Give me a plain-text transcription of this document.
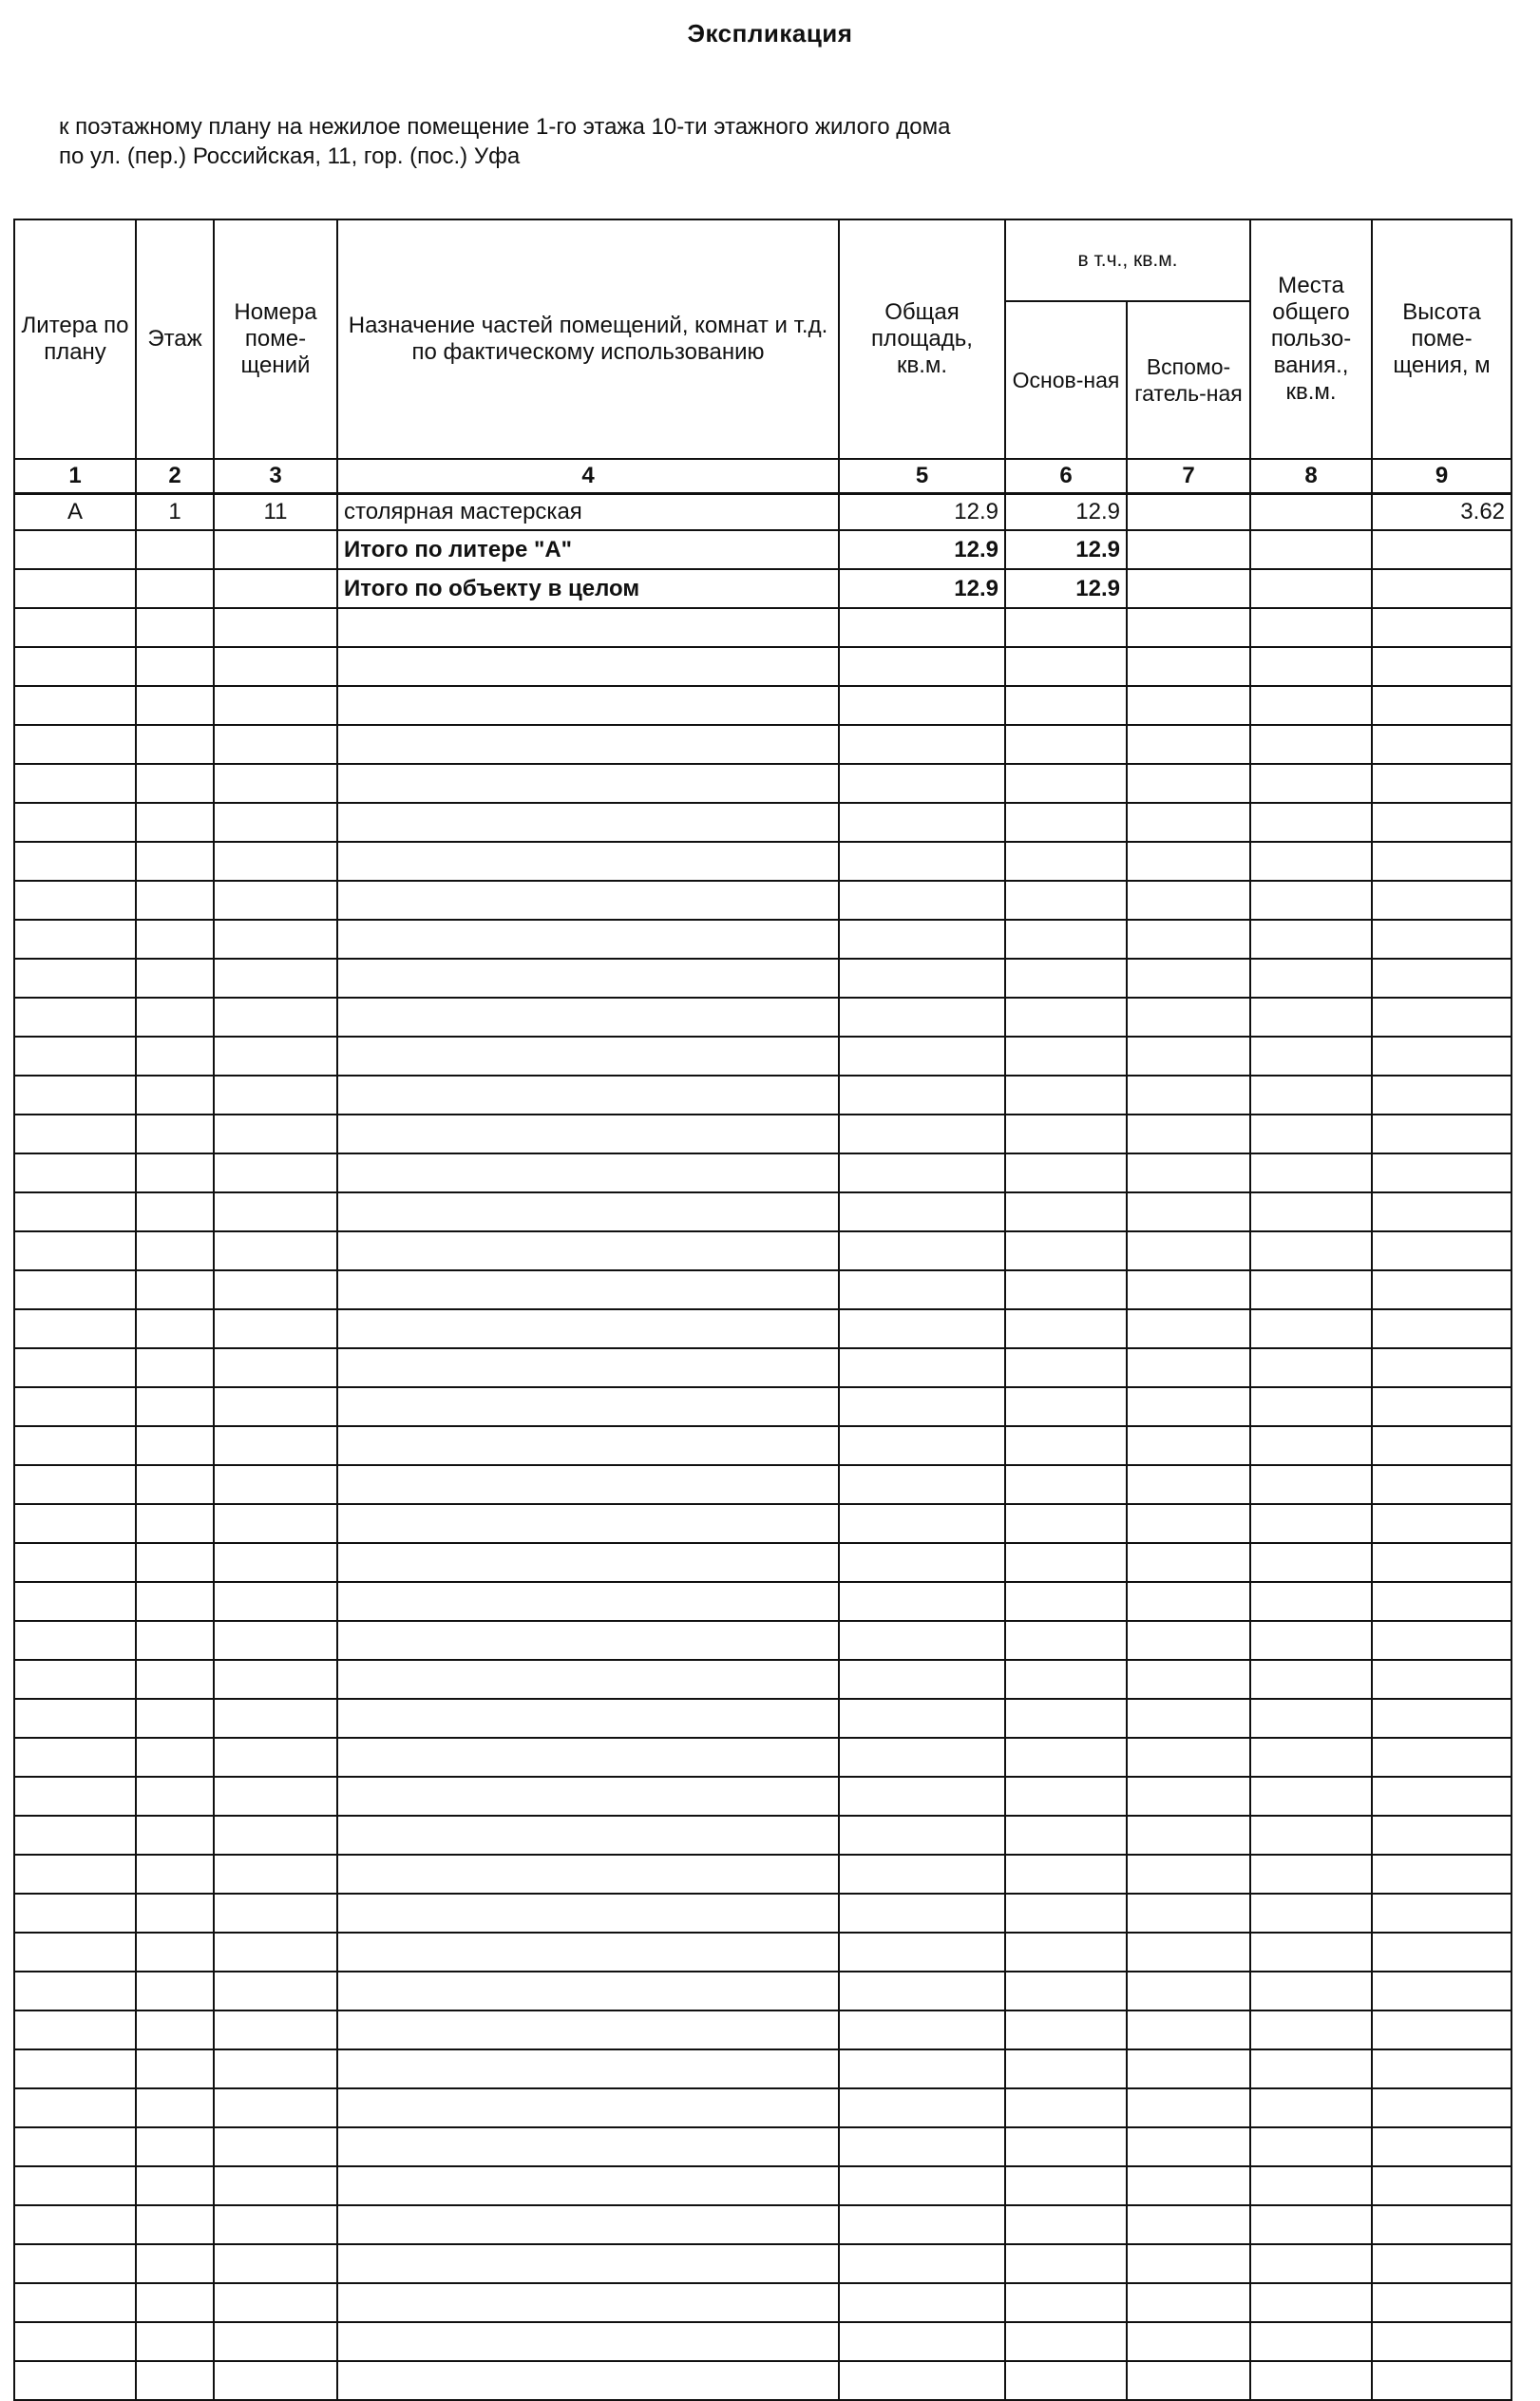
Экспликация
к поэтажному плану на нежилое помещение 1-го этажа 10-ти этажного жилого дома
по ул. (пер.) Российская, 11, гор. (пос.) Уфа
Литера по плану	Этаж	Номера поме-щений	Назначение частей помещений, комнат и т.д. по фактическому использованию	Общая площадь, кв.м.	в т.ч., кв.м.		Места общего пользо-вания., кв.м.	Высота поме-щения, м
					Основ-ная	Вспомо-гатель-ная		
1	2	3	4	5	6	7	8	9
А	1	11	столярная мастерская	12.9	12.9			3.62
			Итого по литере "А"	12.9	12.9			
			Итого по объекту в целом	12.9	12.9			
